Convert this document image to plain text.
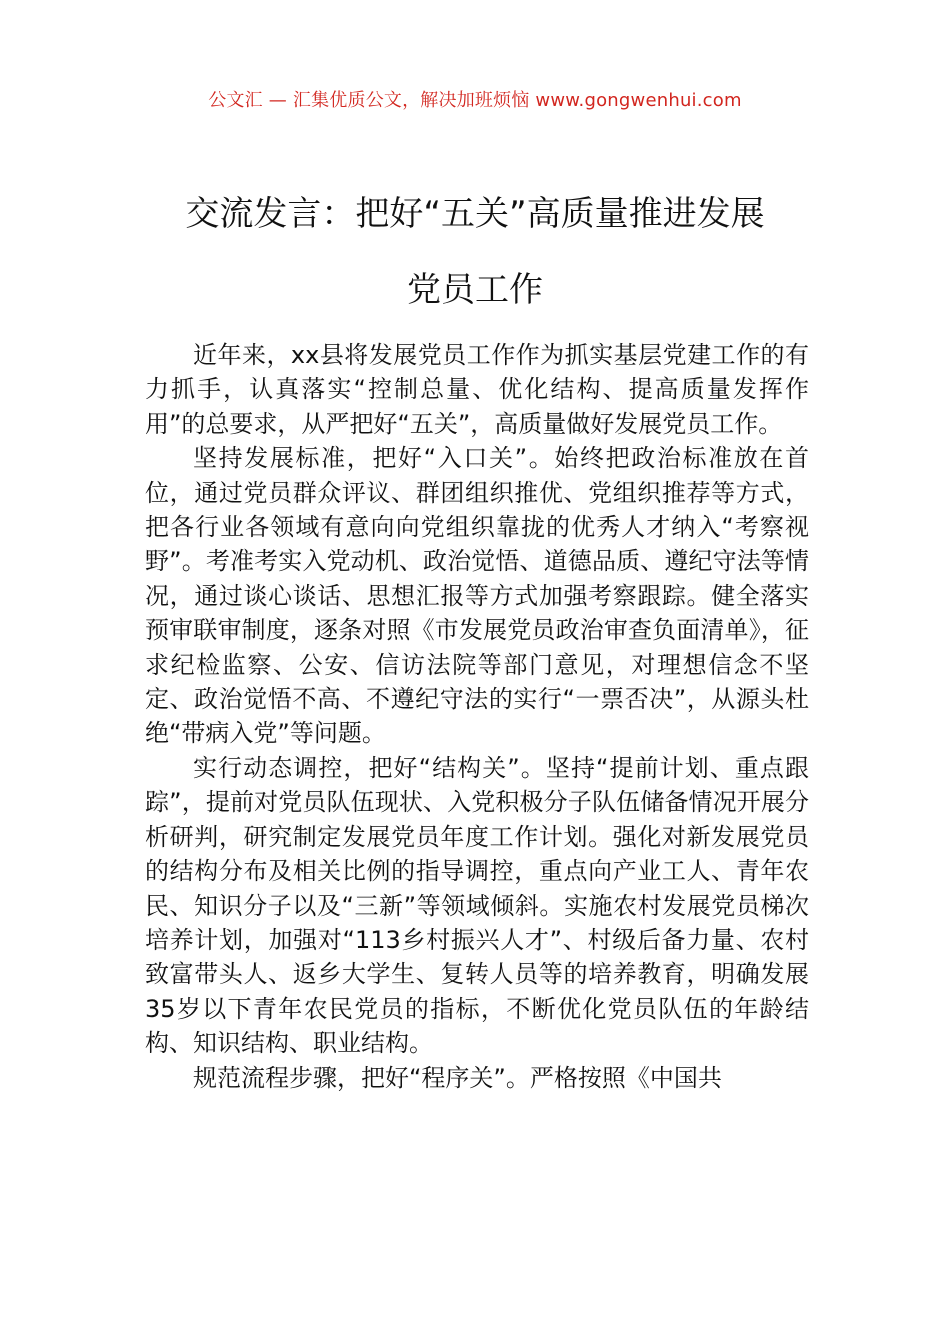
公文汇 — 汇集优质公文，解决加班烦恼 www.gongwenhui.com
交流发言：把好“五关”高质量推进发展
党员工作

近年来，xx县将发展党员工作作为抓实基层党建工作的有力抓手，认真落实“控制总量、优化结构、提高质量发挥作用”的总要求，从严把好“五关”，高质量做好发展党员工作。

坚持发展标准，把好“入口关”。始终把政治标准放在首位，通过党员群众评议、群团组织推优、党组织推荐等方式，把各行业各领域有意向向党组织靠拢的优秀人才纳入“考察视野”。考准考实入党动机、政治觉悟、道德品质、遵纪守法等情况，通过谈心谈话、思想汇报等方式加强考察跟踪。健全落实预审联审制度，逐条对照《市发展党员政治审查负面清单》，征求纪检监察、公安、信访法院等部门意见，对理想信念不坚定、政治觉悟不高、不遵纪守法的实行“一票否决”，从源头杜绝“带病入党”等问题。

实行动态调控，把好“结构关”。坚持“提前计划、重点跟踪”，提前对党员队伍现状、入党积极分子队伍储备情况开展分析研判，研究制定发展党员年度工作计划。强化对新发展党员的结构分布及相关比例的指导调控，重点向产业工人、青年农民、知识分子以及“三新”等领域倾斜。实施农村发展党员梯次培养计划，加强对“113乡村振兴人才”、村级后备力量、农村致富带头人、返乡大学生、复转人员等的培养教育，明确发展35岁以下青年农民党员的指标，不断优化党员队伍的年龄结构、知识结构、职业结构。

规范流程步骤，把好“程序关”。严格按照《中国共
